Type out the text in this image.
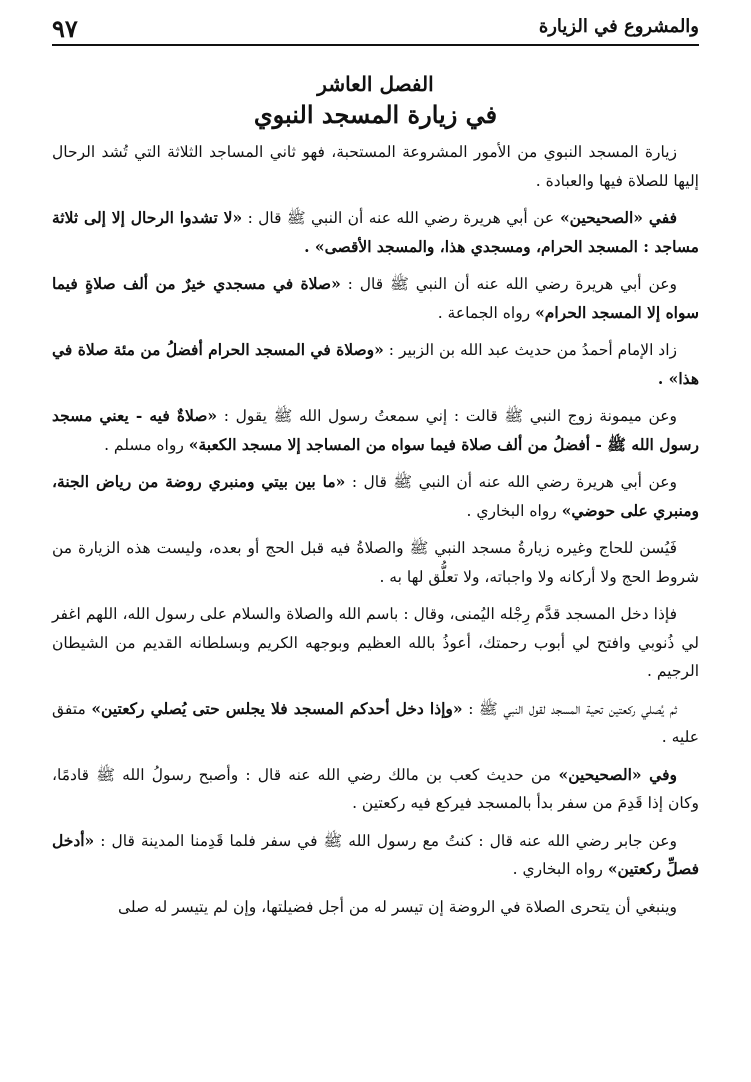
والمشروع في الزيارة
٩٧
الفصل العاشر
في زيارة المسجد النبوي

زيارة المسجد النبوي من الأمور المشروعة المستحبة، فهو ثاني المساجد الثلاثة التي تُشد الرحال إليها للصلاة فيها والعبادة .

ففي «الصحيحين» عن أبي هريرة رضي الله عنه أن النبي ﷺ قال : «لا تشدوا الرحال إلا إلى ثلاثة مساجد : المسجد الحرام، ومسجدي هذا، والمسجد الأقصى» .

وعن أبي هريرة رضي الله عنه أن النبي ﷺ قال : «صلاة في مسجدي خيرٌ من ألف صلاةٍ فيما سواه إلا المسجد الحرام» رواه الجماعة .

زاد الإمام أحمدُ من حديث عبد الله بن الزبير : «وصلاة في المسجد الحرام أفضلُ من مئة صلاة في هذا» .

وعن ميمونة زوج النبي ﷺ قالت : إني سمعتُ رسول الله ﷺ يقول : «صلاةٌ فيه - يعني مسجد رسول الله ﷺ - أفضلُ من ألف صلاة فيما سواه من المساجد إلا مسجد الكعبة» رواه مسلم .

وعن أبي هريرة رضي الله عنه أن النبي ﷺ قال : «ما بين بيتي ومنبري روضة من رياض الجنة، ومنبري على حوضي» رواه البخاري .

فَيُسن للحاج وغيره زيارةُ مسجد النبي ﷺ والصلاةُ فيه قبل الحج أو بعده، وليست هذه الزيارة من شروط الحج ولا أركانه ولا واجباته، ولا تعلُّق لها به .

فإذا دخل المسجد قدَّم رِجْله اليُمنى، وقال : باسم الله والصلاة والسلام على رسول الله، اللهم اغفر لي ذُنوبي وافتح لي أبوب رحمتك، أعوذُ بالله العظيم وبوجهه الكريم وبسلطانه القديم من الشيطان الرجيم .

ثم يُصلي ركعتين تحية المسجد لقول النبي ﷺ : «وإذا دخل أحدكم المسجد فلا يجلس حتى يُصلي ركعتين» متفق عليه .

وفي «الصحيحين» من حديث كعب بن مالك رضي الله عنه قال : وأصبح رسولُ الله ﷺ قادمًا، وكان إذا قَدِمَ من سفر بدأ بالمسجد فيركع فيه ركعتين .

وعن جابر رضي الله عنه قال : كنتُ مع رسول الله ﷺ في سفر فلما قَدِمنا المدينة قال : «أدخل فصلِّ ركعتين» رواه البخاري .

وينبغي أن يتحرى الصلاة في الروضة إن تيسر له من أجل فضيلتها، وإن لم يتيسر له صلى
